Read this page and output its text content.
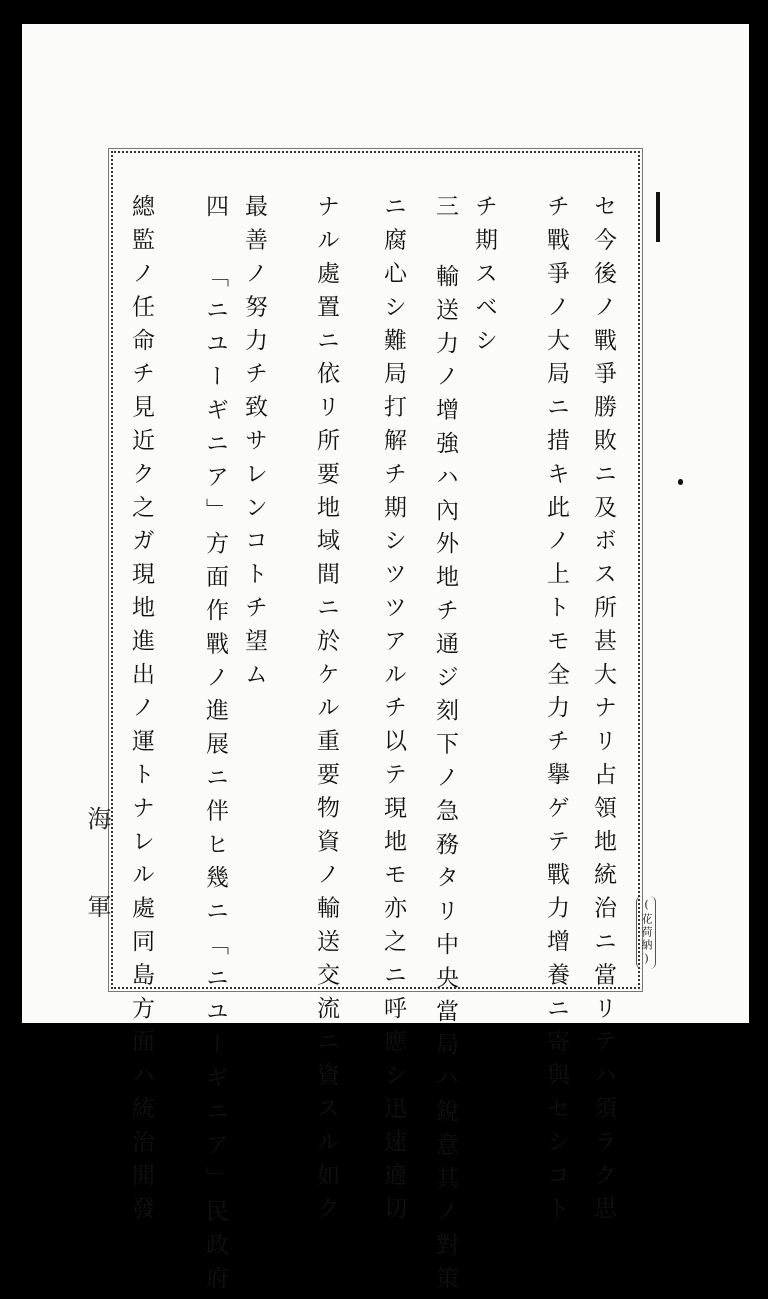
セ今後ノ戰爭勝敗ニ及ボス所甚大ナリ占領地統治ニ當リテハ須ラク思
チ戰爭ノ大局ニ措キ此ノ上トモ全力チ擧ゲテ戰力增養ニ寄與セシコト
チ期スベシ
三 輸送力ノ增強ハ內外地チ通ジ刻下ノ急務タリ中央當局ハ銳意其ノ對策
ニ腐心シ難局打解チ期シツツアルチ以テ現地モ亦之ニ呼應シ迅速適切
ナル處置ニ依リ所要地域間ニ於ケル重要物資ノ輸送交流ニ資スル如ク
最善ノ努力チ致サレンコトチ望ム
四 「ニユーギニア」方面作戰ノ進展ニ伴ヒ幾ニ「ニユーギニア」民政府
總監ノ任命チ見近ク之ガ現地進出ノ運トナレル處同島方面ハ統治開發
海軍	(花荷納)
